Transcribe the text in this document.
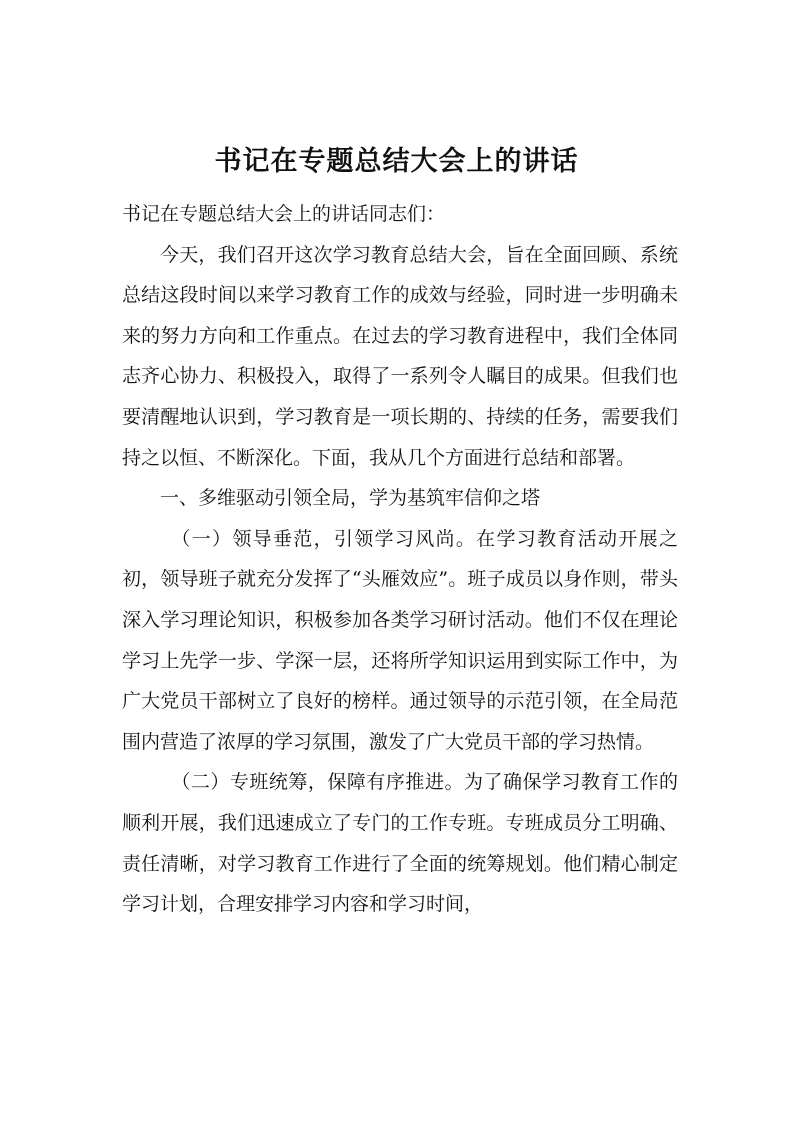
书记在专题总结大会上的讲话

书记在专题总结大会上的讲话同志们：

今天，我们召开这次学习教育总结大会，旨在全面回顾、系统总结这段时间以来学习教育工作的成效与经验，同时进一步明确未来的努力方向和工作重点。在过去的学习教育进程中，我们全体同志齐心协力、积极投入，取得了一系列令人瞩目的成果。但我们也要清醒地认识到，学习教育是一项长期的、持续的任务，需要我们持之以恒、不断深化。下面，我从几个方面进行总结和部署。

一、多维驱动引领全局，学为基筑牢信仰之塔

（一）领导垂范，引领学习风尚。在学习教育活动开展之初，领导班子就充分发挥了“头雁效应”。班子成员以身作则，带头深入学习理论知识，积极参加各类学习研讨活动。他们不仅在理论学习上先学一步、学深一层，还将所学知识运用到实际工作中，为广大党员干部树立了良好的榜样。通过领导的示范引领，在全局范围内营造了浓厚的学习氛围，激发了广大党员干部的学习热情。

（二）专班统筹，保障有序推进。为了确保学习教育工作的顺利开展，我们迅速成立了专门的工作专班。专班成员分工明确、责任清晰，对学习教育工作进行了全面的统筹规划。他们精心制定学习计划，合理安排学习内容和学习时间，
